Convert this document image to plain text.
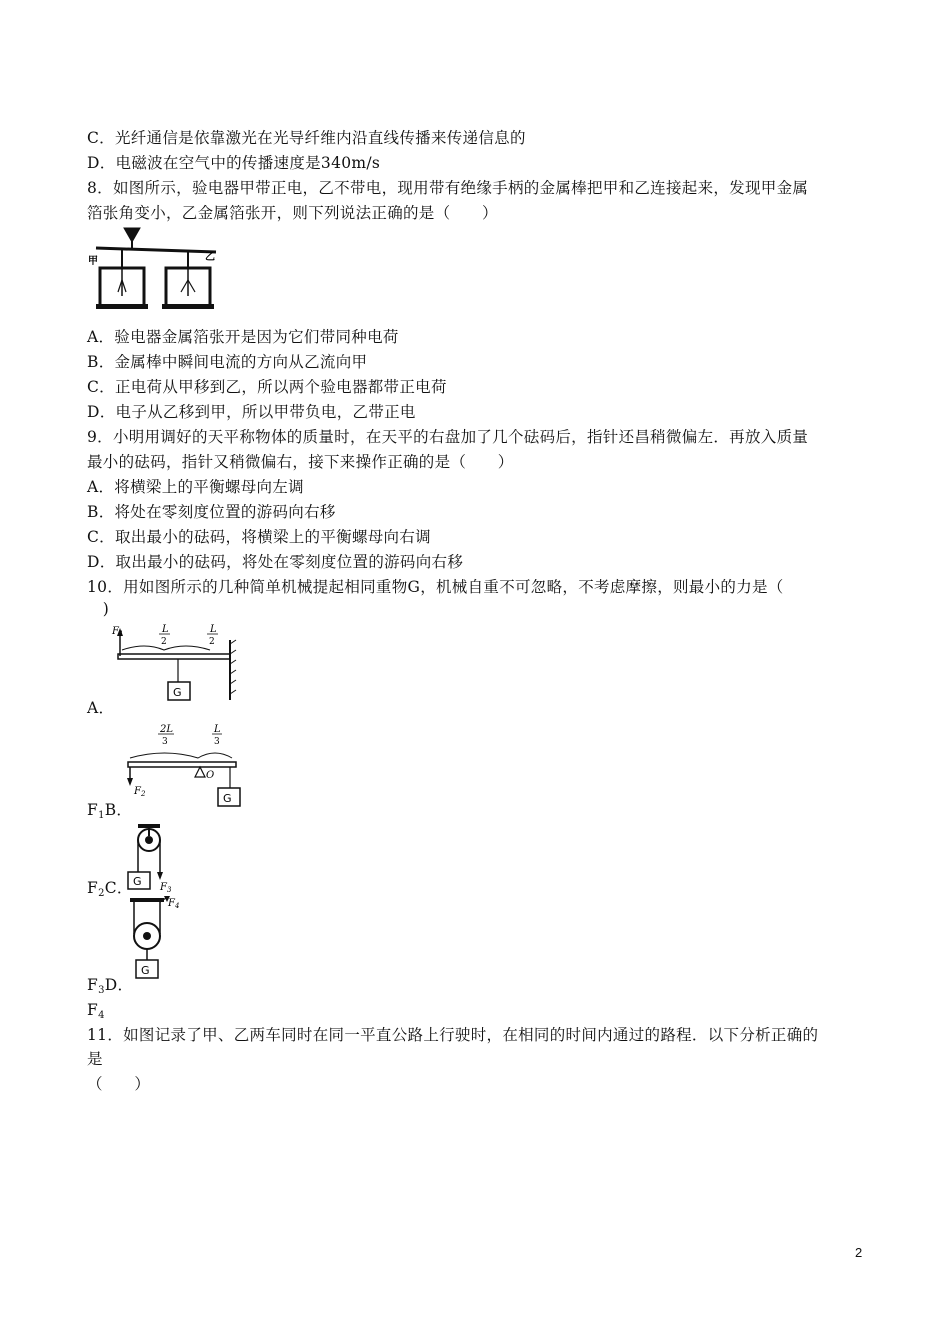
C．光纤通信是依靠激光在光导纤维内沿直线传播来传递信息的
D．电磁波在空气中的传播速度是340m/s
8．如图所示，验电器甲带正电，乙不带电，现用带有绝缘手柄的金属棒把甲和乙连接起来，发现甲金属
箔张角变小，乙金属箔张开，则下列说法正确的是（　　）
甲	乙
A．验电器金属箔张开是因为它们带同种电荷
B．金属棒中瞬间电流的方向从乙流向甲
C．正电荷从甲移到乙，所以两个验电器都带正电荷
D．电子从乙移到甲，所以甲带负电，乙带正电
9．小明用调好的天平称物体的质量时，在天平的右盘加了几个砝码后，指针还昌稍微偏左．再放入质量
最小的砝码，指针又稍微偏右，接下来操作正确的是（　　）
A．将横梁上的平衡螺母向左调
B．将处在零刻度位置的游码向右移
C．取出最小的砝码，将横梁上的平衡螺母向右调
D．取出最小的砝码，将处在零刻度位置的游码向右移
10．用如图所示的几种简单机械提起相同重物G，机械自重不可忽略，不考虑摩擦，则最小的力是（
　)
$F_1$	L
2
L
2
G
A．
2L
3
L
3
O
$F_2$	G
$F_1B$．
G $F_3$
$F_2C$．
$F_4$
G
$F_3D$．
$F_4$
11．如图记录了甲、乙两车同时在同一平直公路上行驶时，在相同的时间内通过的路程．以下分析正确的
是
（　　）
2
